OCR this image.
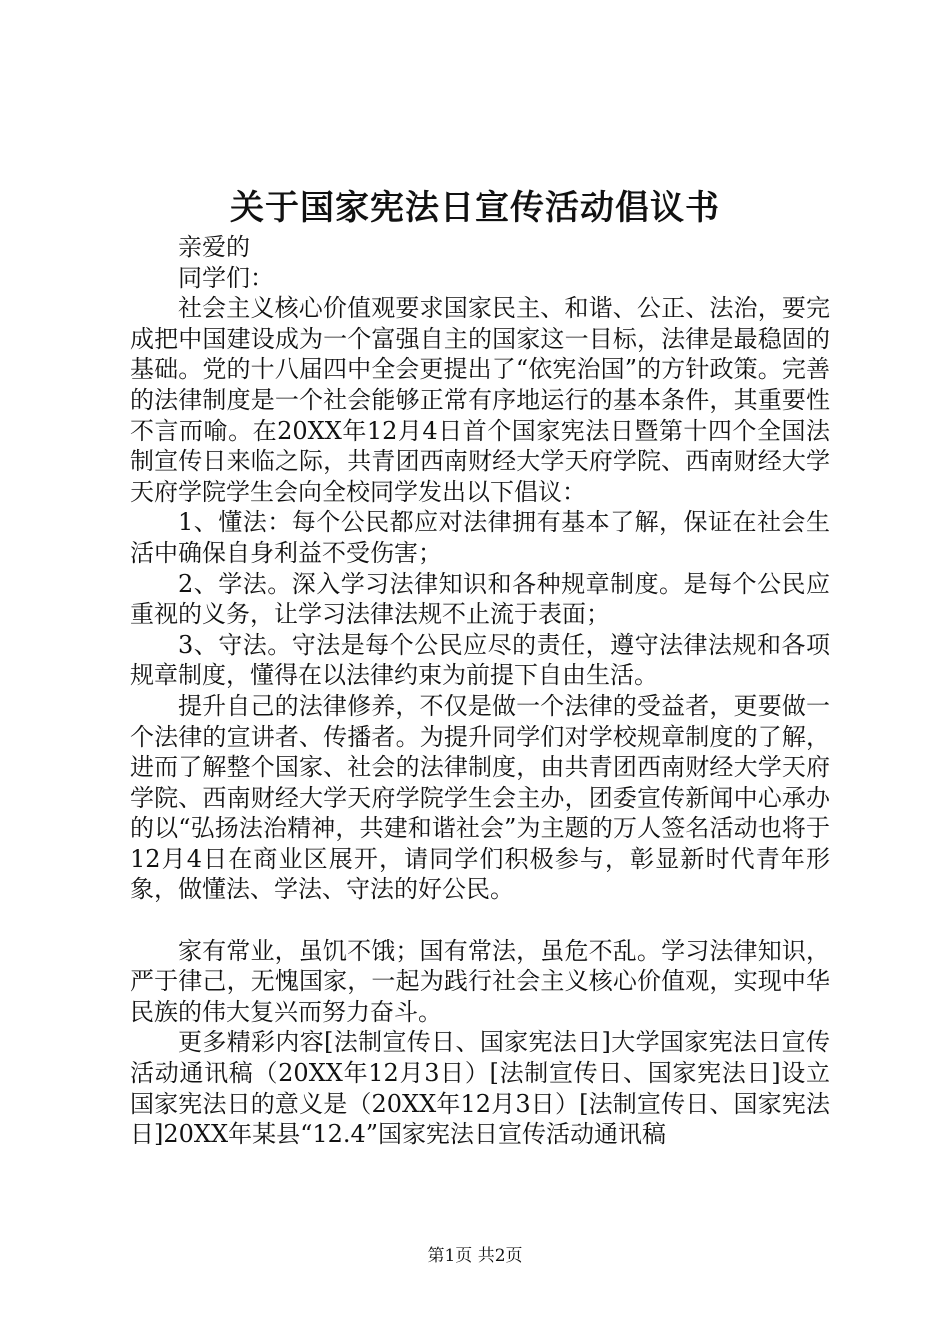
关于国家宪法日宣传活动倡议书

亲爱的

同学们：

社会主义核心价值观要求国家民主、和谐、公正、法治，要完成把中国建设成为一个富强自主的国家这一目标，法律是最稳固的基础。党的十八届四中全会更提出了“依宪治国”的方针政策。完善的法律制度是一个社会能够正常有序地运行的基本条件，其重要性不言而喻。在20XX年12月4日首个国家宪法日暨第十四个全国法制宣传日来临之际，共青团西南财经大学天府学院、西南财经大学天府学院学生会向全校同学发出以下倡议：

1、懂法：每个公民都应对法律拥有基本了解，保证在社会生活中确保自身利益不受伤害；

2、学法。深入学习法律知识和各种规章制度。是每个公民应重视的义务，让学习法律法规不止流于表面；

3、守法。守法是每个公民应尽的责任，遵守法律法规和各项规章制度，懂得在以法律约束为前提下自由生活。

提升自己的法律修养，不仅是做一个法律的受益者，更要做一个法律的宣讲者、传播者。为提升同学们对学校规章制度的了解，进而了解整个国家、社会的法律制度，由共青团西南财经大学天府学院、西南财经大学天府学院学生会主办，团委宣传新闻中心承办的以“弘扬法治精神，共建和谐社会”为主题的万人签名活动也将于12月4日在商业区展开，请同学们积极参与，彰显新时代青年形象，做懂法、学法、守法的好公民。

家有常业，虽饥不饿；国有常法，虽危不乱。学习法律知识，严于律己，无愧国家，一起为践行社会主义核心价值观，实现中华民族的伟大复兴而努力奋斗。

更多精彩内容[法制宣传日、国家宪法日]大学国家宪法日宣传活动通讯稿（20XX年12月3日）[法制宣传日、国家宪法日]设立国家宪法日的意义是（20XX年12月3日）[法制宣传日、国家宪法日]20XX年某县“12.4”国家宪法日宣传活动通讯稿

第1页 共2页
